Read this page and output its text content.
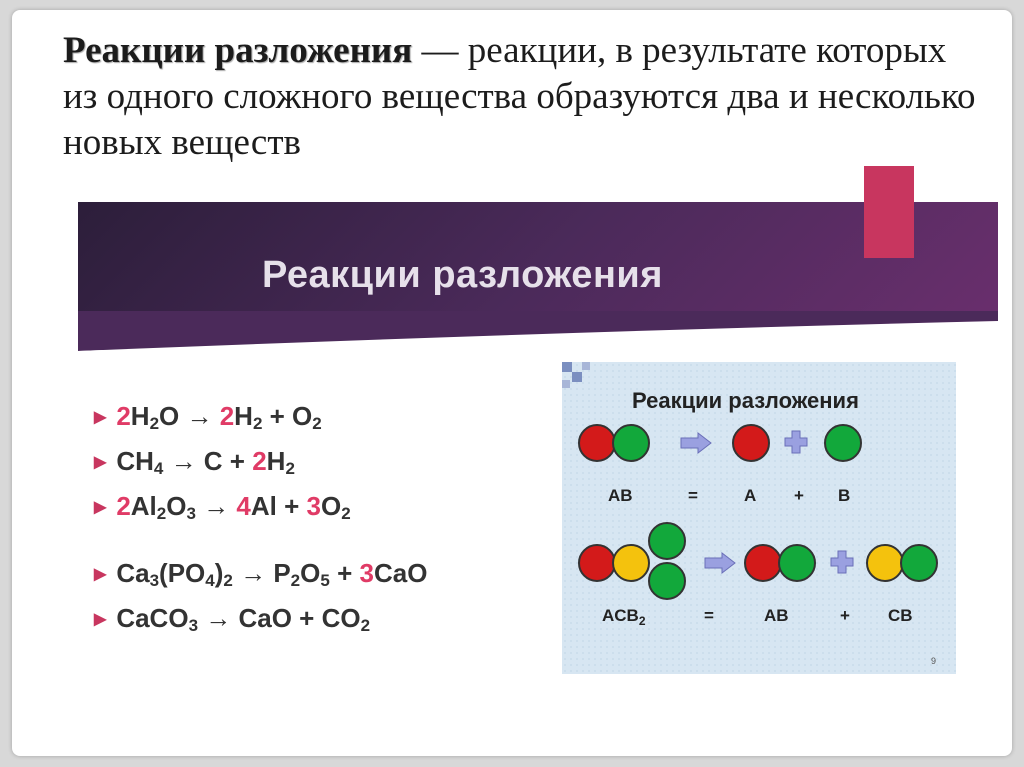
Реакции разложения — реакции, в результате которых из одного сложного вещества образуются два и несколько новых веществ
Реакции разложения
▶ $2H_2O \to 2H_2 + O_2$
▶ $CH_4 \to C + 2H_2$
▶ $2Al_2O_3 \to 4Al + 3O_2$
▶ $Ca_3(PO_4)_2 \to P_2O_5 + 3CaO$
▶ CaCO$_3$ → CaO + $CO_2$
Реакции разложения
AB	=	A + B
$ACB_2$	=	AB	+ CB
9
